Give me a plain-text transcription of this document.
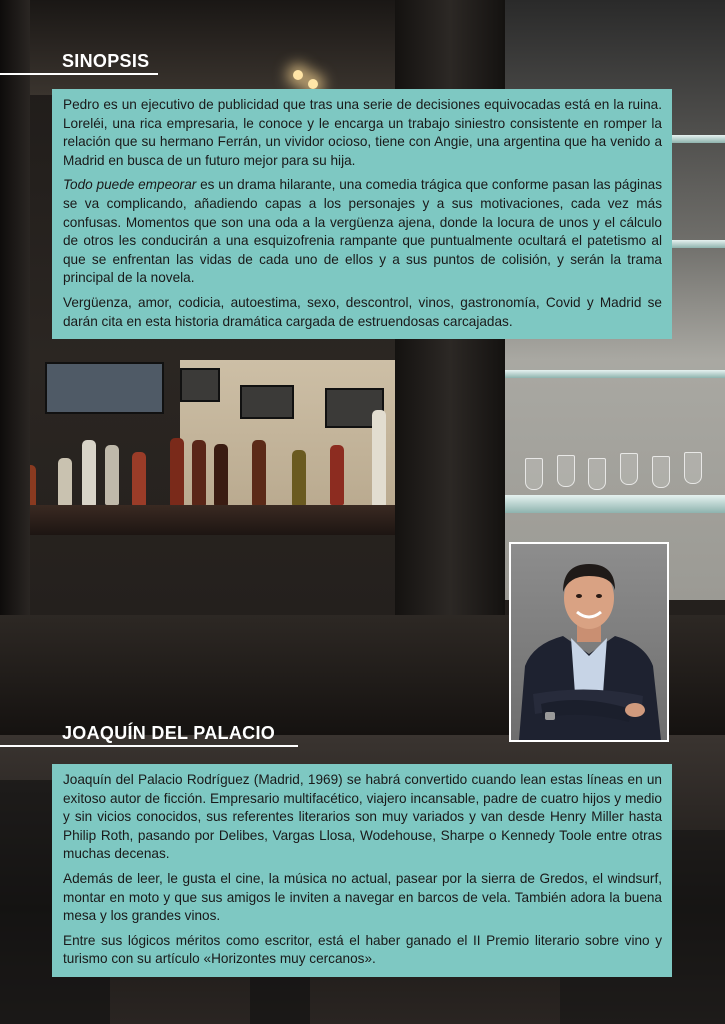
SINOPSIS

Pedro es un ejecutivo de publicidad que tras una serie de decisiones equivocadas está en la ruina. Loreléi, una rica empresaria, le conoce y le encarga un trabajo siniestro consistente en romper la relación que su hermano Ferrán, un vividor ocioso, tiene con Angie, una argentina que ha venido a Madrid en busca de un futuro mejor para su hija.

Todo puede empeorar es un drama hilarante, una comedia trágica que conforme pasan las páginas se va complicando, añadiendo capas a los personajes y a sus motivaciones, cada vez más confusas. Momentos que son una oda a la vergüenza ajena, donde la locura de unos y el cálculo de otros les conducirán a una esquizofrenia rampante que puntualmente ocultará el patetismo al que se enfrentan las vidas de cada uno de ellos y a sus puntos de colisión, y serán la trama principal de la novela.

Vergüenza, amor, codicia, autoestima, sexo, descontrol, vinos, gastronomía, Covid y Madrid se darán cita en esta historia dramática cargada de estruendosas carcajadas.

JOAQUÍN DEL PALACIO

Joaquín del Palacio Rodríguez (Madrid, 1969) se habrá convertido cuando lean estas líneas en un exitoso autor de ficción. Empresario multifacético, viajero incansable, padre de cuatro hijos y medio y sin vicios conocidos, sus referentes literarios son muy variados y van desde Henry Miller hasta Philip Roth, pasando por Delibes, Vargas Llosa, Wodehouse, Sharpe o Kennedy Toole entre otras muchas decenas.

Además de leer, le gusta el cine, la música no actual, pasear por la sierra de Gredos, el windsurf, montar en moto y que sus amigos le inviten a navegar en barcos de vela. También adora la buena mesa y los grandes vinos.

Entre sus lógicos méritos como escritor, está el haber ganado el II Premio literario sobre vino y turismo con su artículo «Horizontes muy cercanos».
